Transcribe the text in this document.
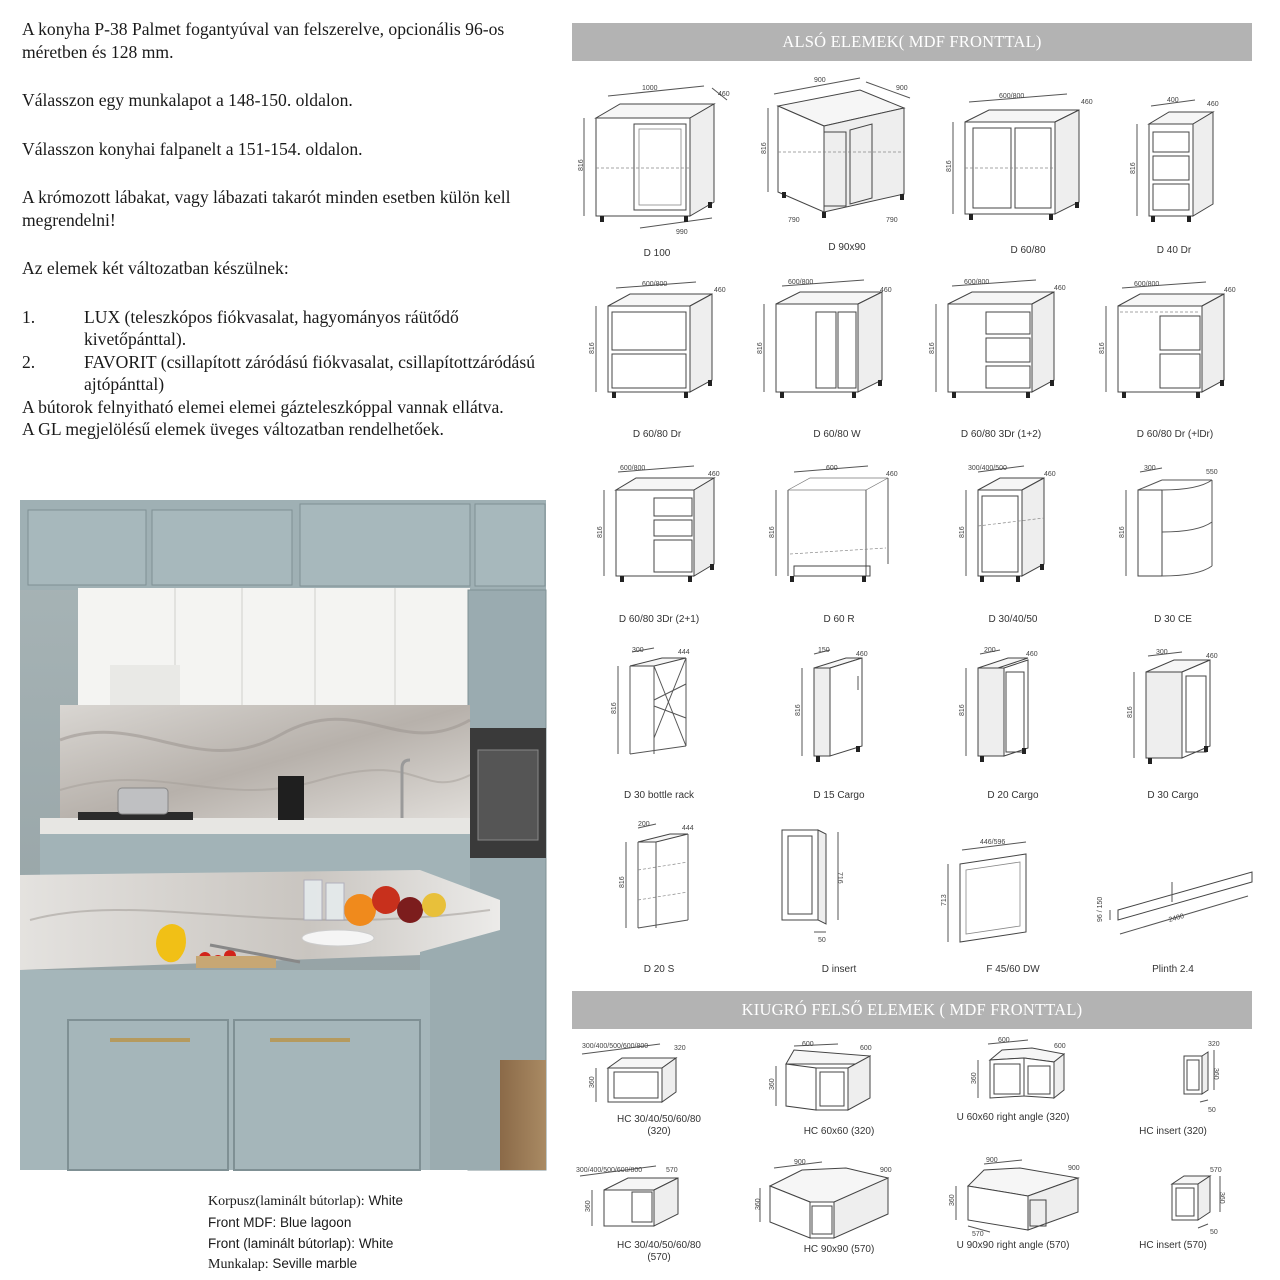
A konyha P-38 Palmet fogantyúval van felszerelve, opcionális 96-os méretben és 128 mm.

Válasszon egy munkalapot a 148-150. oldalon.

Válasszon konyhai falpanelt a 151-154. oldalon.

A krómozott lábakat, vagy lábazati takarót minden esetben külön kell megrendelni!

Az elemek két változatban készülnek:

1.	LUX (teleszkópos fiókvasalat, hagyományos ráütődő kivetőpánttal).
2.	FAVORIT (csillapított záródású fiókvasalat, csillapítottzáródású ajtópánttal)

A bútorok felnyitható elemei elemei gázteleszkóppal vannak ellátva.

A GL megjelölésű elemek üveges változatban rendelhetőek.

Korpusz(laminált bútorlap): White
Front MDF: Blue lagoon
Front (laminált bútorlap): White
Munkalap: Seville marble
ALSÓ ELEMEK( MDF FRONTTAL)
KIUGRÓ FELSŐ ELEMEK ( MDF FRONTTAL)
1000
460
816
990
D 100
900
900
816
790	790
D 90x90
600/800
460
816
D 60/80
400
460
816
D 40 Dr
600/800
460
816
D 60/80 Dr
600/800
460
816
D 60/80 W
600/800
460
816
D 60/80 3Dr (1+2)
600/800
460
816
D 60/80 Dr (+lDr)
600/800
460
816
D 60/80 3Dr (2+1)
600
460
816
D 60 R
300/400/500
460
816
D 30/40/50
300
550
816
D 30 CE
300	444
816
D 30 bottle rack
150
460
816
D 15 Cargo
200
460
816
D 20 Cargo
300
460
816
D 30 Cargo
200
444
816
D 20 S
716
50
D insert
446/596
713
F 45/60 DW
96 / 150	2400
Plinth 2.4
300/400/500/600/800	320
360
HC 30/40/50/60/80
(320)
600
600
360
HC 60x60 (320)
600
600
360
U 60x60 right angle (320)
320
360
50
HC insert (320)
300/400/500/600/800	570
360
HC 30/40/50/60/80
(570)
900
900
360
HC 90x90 (570)
900
900
360
570
U 90x90 right angle (570)
570
360
50
HC insert (570)
